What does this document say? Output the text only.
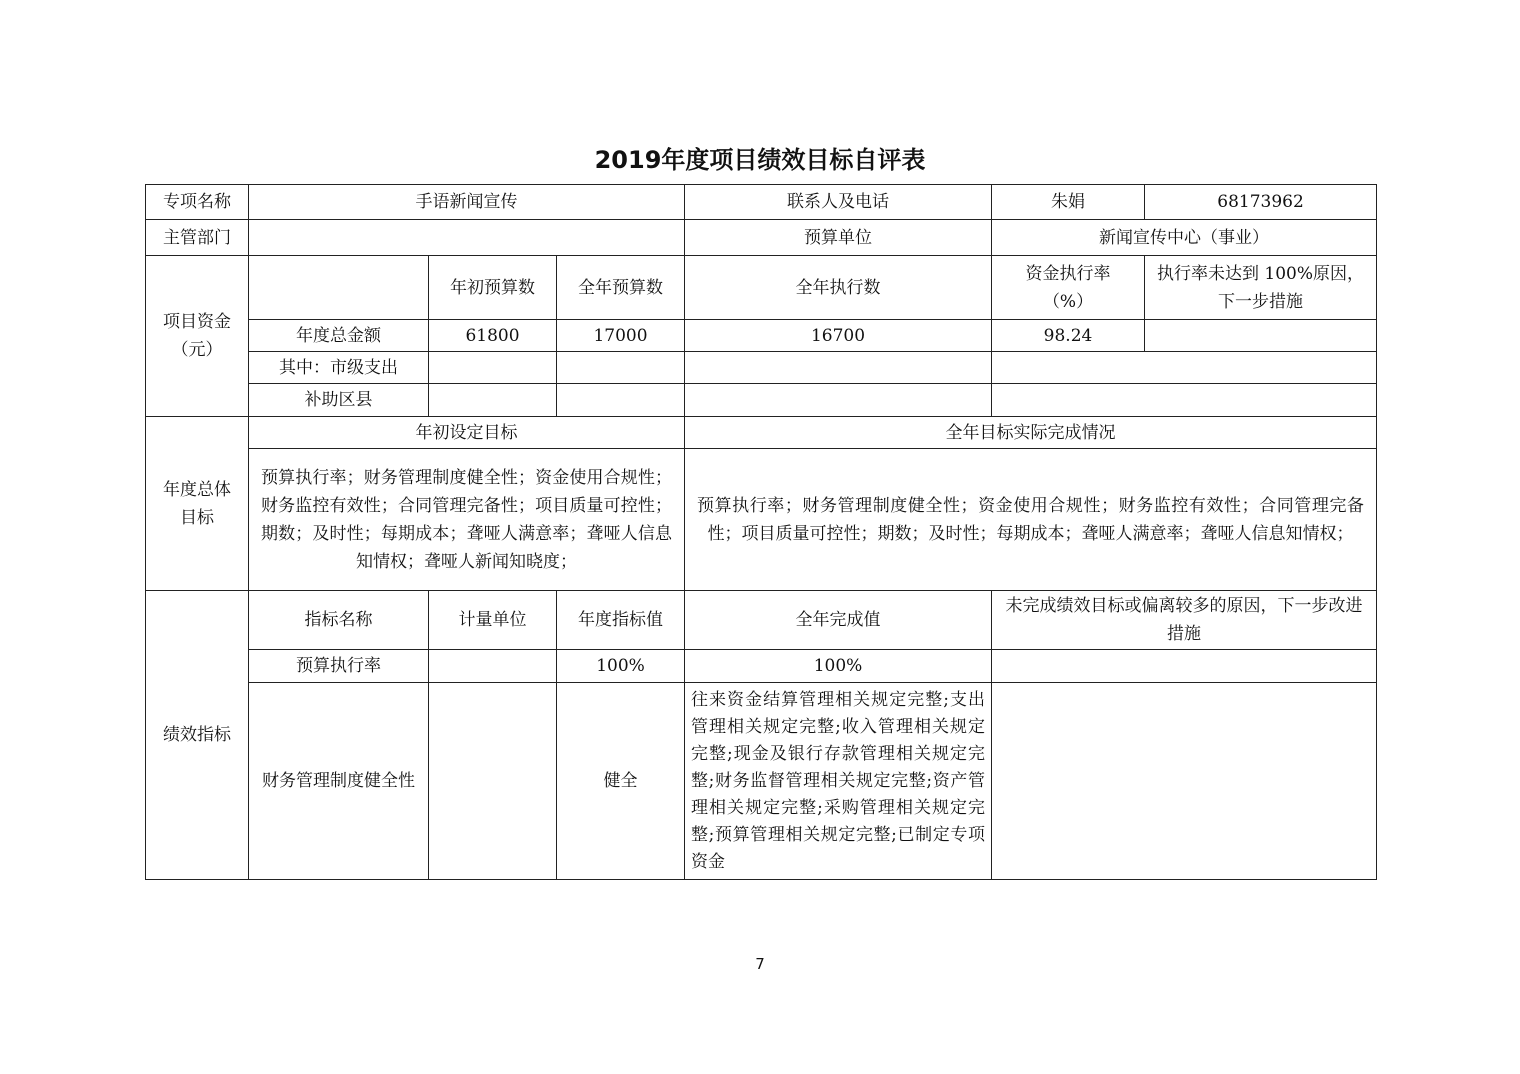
2019年度项目绩效目标自评表
专项名称	手语新闻宣传			联系人及电话	朱娟	68173962
主管部门				预算单位	新闻宣传中心（事业）	

项目资金（元）		年初预算数	全年预算数	全年执行数	资金执行率（%）	执行率未达到 100%原因，下一步措施
	年度总金额	61800	17000	16700	98.24	
	其中：市级支出					
	补助区县					

年度总体目标	年初设定目标			全年目标实际完成情况		
	预算执行率；财务管理制度健全性；资金使用合规性；财务监控有效性；合同管理完备性；项目质量可控性；期数；及时性；每期成本；聋哑人满意率；聋哑人信息知情权；聋哑人新闻知晓度；			预算执行率；财务管理制度健全性；资金使用合规性；财务监控有效性；合同管理完备性；项目质量可控性；期数；及时性；每期成本；聋哑人满意率；聋哑人信息知情权；		
绩效指标	指标名称	计量单位	年度指标值	全年完成值	未完成绩效目标或偏离较多的原因，下一步改进措施	
	预算执行率		100%	100%		
	财务管理制度健全性		健全	往来资金结算管理相关规定完整;支出管理相关规定完整;收入管理相关规定完整;现金及银行存款管理相关规定完整;财务监督管理相关规定完整;资产管理相关规定完整;采购管理相关规定完整;预算管理相关规定完整;已制定专项资金		

7
